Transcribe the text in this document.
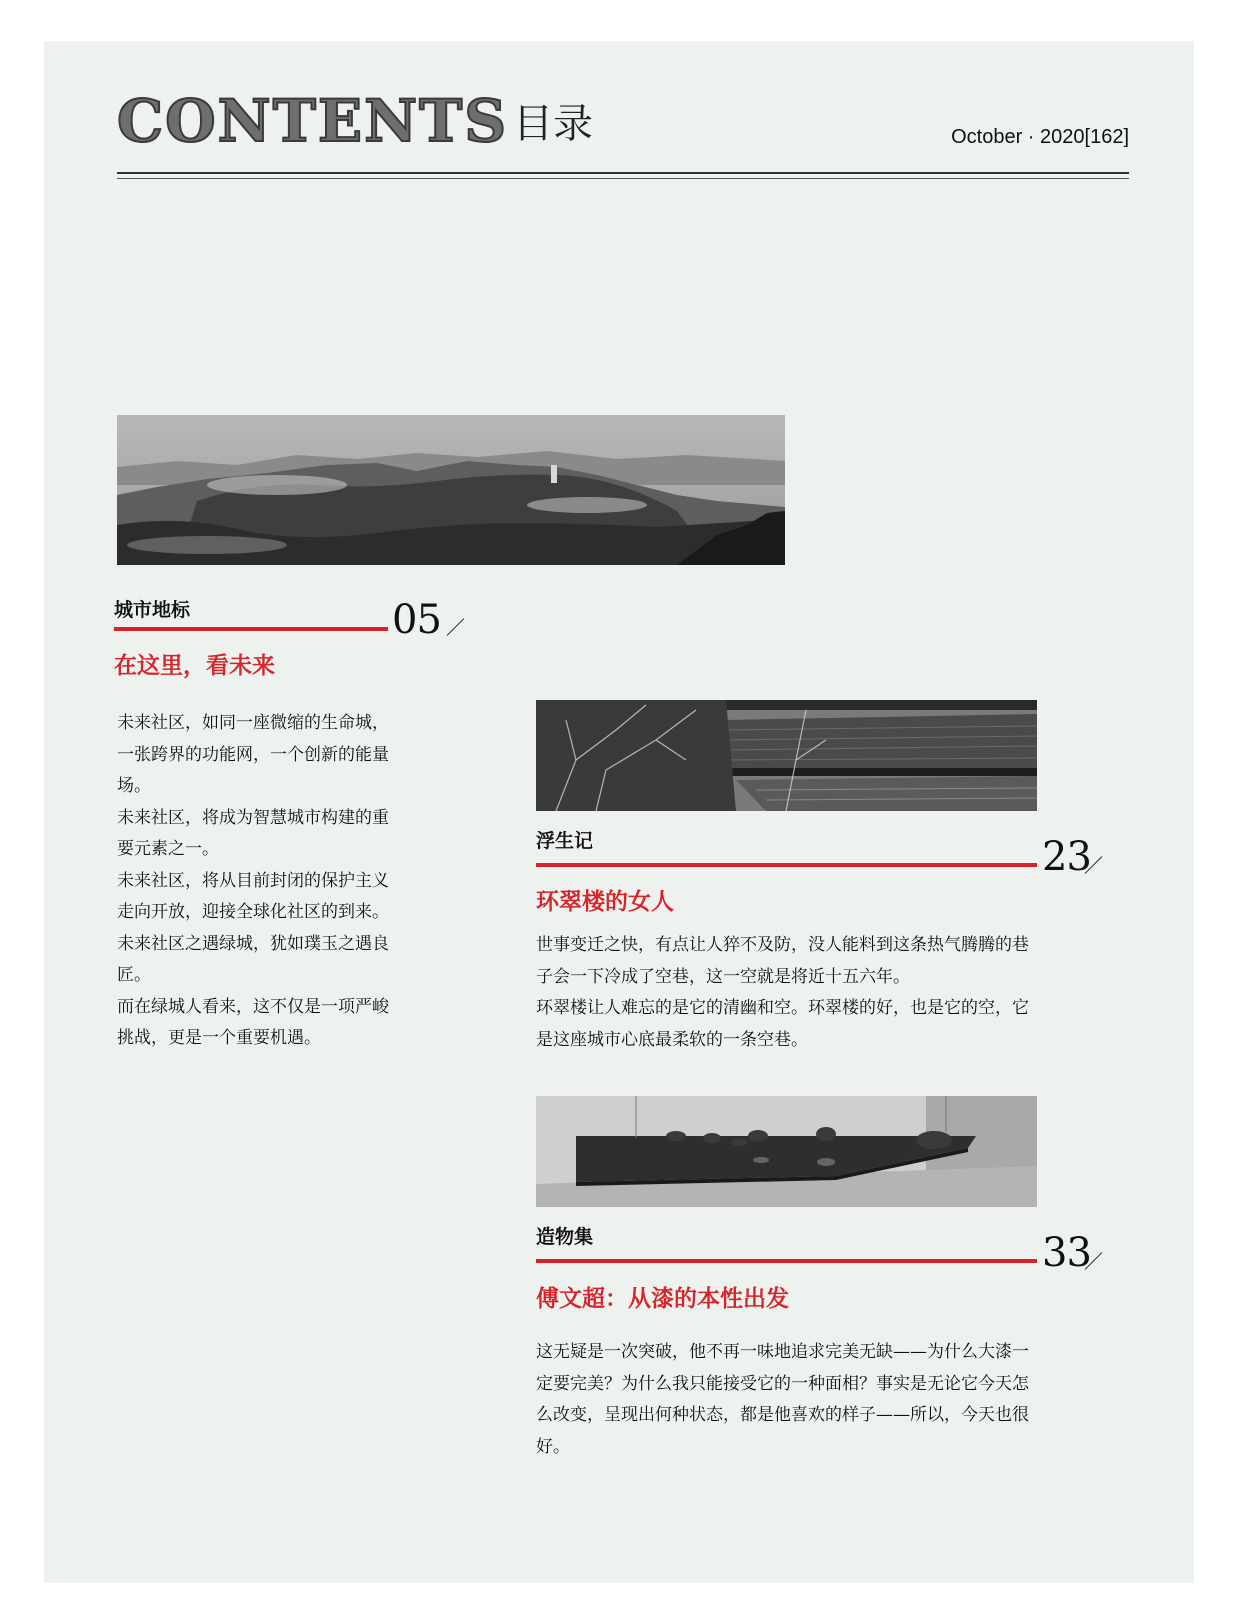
CONTENTS 目录	October · 2020[162]
城市地标	05
在这里，看未来

未来社区，如同一座微缩的生命城，一张跨界的功能网，一个创新的能量场。

未来社区，将成为智慧城市构建的重要元素之一。

未来社区，将从目前封闭的保护主义走向开放，迎接全球化社区的到来。

未来社区之遇绿城，犹如璞玉之遇良匠。

而在绿城人看来，这不仅是一项严峻挑战，更是一个重要机遇。

浮生记	23
环翠楼的女人

世事变迁之快，有点让人猝不及防，没人能料到这条热气腾腾的巷子会一下冷成了空巷，这一空就是将近十五六年。

环翠楼让人难忘的是它的清幽和空。环翠楼的好，也是它的空，它是这座城市心底最柔软的一条空巷。

造物集	33
傅文超：从漆的本性出发

这无疑是一次突破，他不再一味地追求完美无缺——为什么大漆一定要完美？为什么我只能接受它的一种面相？事实是无论它今天怎么改变，呈现出何种状态，都是他喜欢的样子——所以，今天也很好。
